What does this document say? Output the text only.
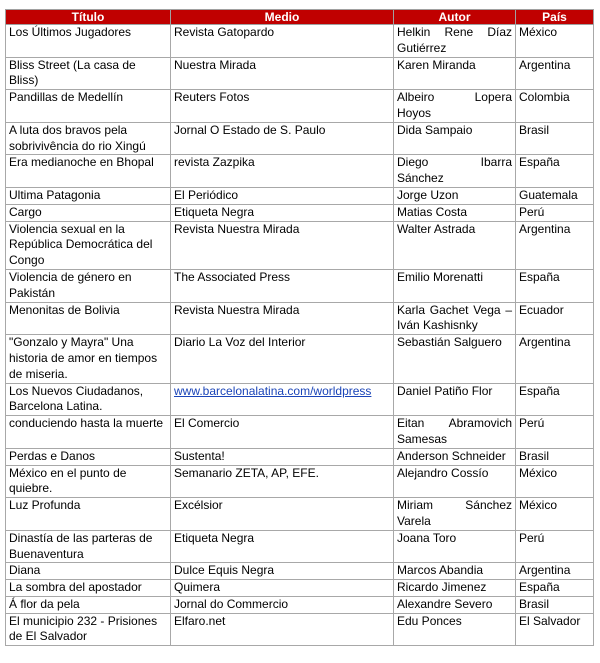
Título	Medio	Autor	País
Los Últimos Jugadores	Revista Gatopardo	Helkin Rene Díaz Gutiérrez	México
Bliss Street (La casa de Bliss)	Nuestra Mirada	Karen Miranda	Argentina
Pandillas de Medellín	Reuters Fotos	Albeiro Lopera Hoyos	Colombia
A luta dos bravos pela sobrivivência do rio Xingú	Jornal O Estado de S. Paulo	Dida Sampaio	Brasil
Era medianoche en Bhopal	revista Zazpika	Diego Ibarra Sánchez	España
Ultima Patagonia	El Periódico	Jorge Uzon	Guatemala
Cargo	Etiqueta Negra	Matias Costa	Perú
Violencia sexual en la República Democrática del Congo	Revista Nuestra Mirada	Walter Astrada	Argentina
Violencia de género en Pakistán	The Associated Press	Emilio Morenatti	España
Menonitas de Bolivia	Revista Nuestra Mirada	Karla Gachet Vega – Iván Kashisnky	Ecuador
"Gonzalo y Mayra" Una historia de amor en tiempos de miseria.	Diario La Voz del Interior	Sebastián Salguero	Argentina
Los Nuevos Ciudadanos, Barcelona Latina.	www.barcelonalatina.com/worldpress	Daniel Patiño Flor	España
conduciendo hasta la muerte	El Comercio	Eitan Abramovich Samesas	Perú
Perdas e Danos	Sustenta!	Anderson Schneider	Brasil
México en el punto de quiebre.	Semanario ZETA, AP, EFE.	Alejandro Cossío	México
Luz Profunda	Excélsior	Miriam Sánchez Varela	México
Dinastía de las parteras de Buenaventura	Etiqueta Negra	Joana Toro	Perú
Diana	Dulce Equis Negra	Marcos Abandia	Argentina
La sombra del apostador	Quimera	Ricardo Jimenez	España
Á flor da pela	Jornal do Commercio	Alexandre Severo	Brasil
El municipio 232 - Prisiones de El Salvador	Elfaro.net	Edu Ponces	El Salvador
